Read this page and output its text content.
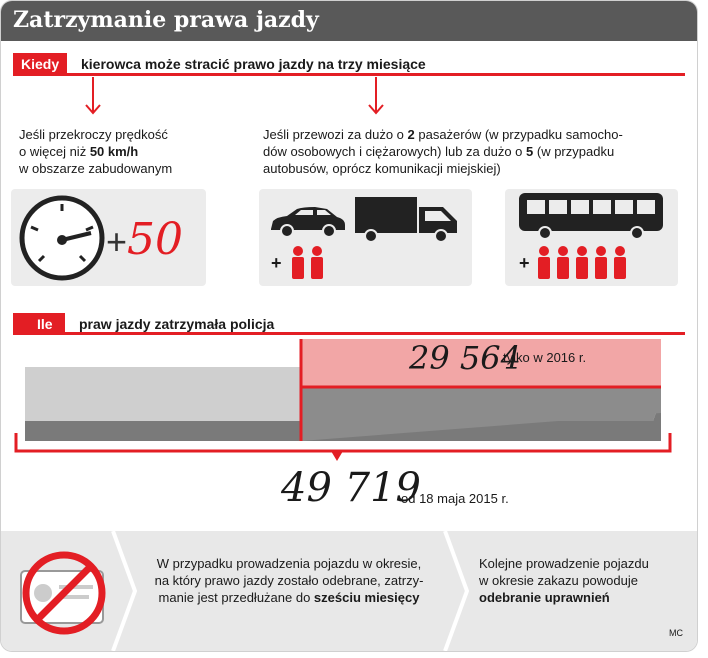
Zatrzymanie prawa jazdy
Kiedy	kierowca może stracić prawo jazdy na trzy miesiące
Jeśli przekroczy prędkość
o więcej niż 50 km/h
w obszarze zabudowanym
Jeśli przewozi za dużo o 2 pasażerów (w przypadku samocho-
dów osobowych i ciężarowych) lub za dużo o 5 (w przypadku
autobusów, oprócz komunikacji miejskiej)
+50	+	+
Ile	praw jazdy zatrzymała policja
29 564
tylko w 2016 r.
49 719
od 18 maja 2015 r.
W przypadku prowadzenia pojazdu w okresie,
na który prawo jazdy zostało odebrane, zatrzy-
manie jest przedłużane do sześciu miesięcy
Kolejne prowadzenie pojazdu
w okresie zakazu powoduje
odebranie uprawnień
MC
